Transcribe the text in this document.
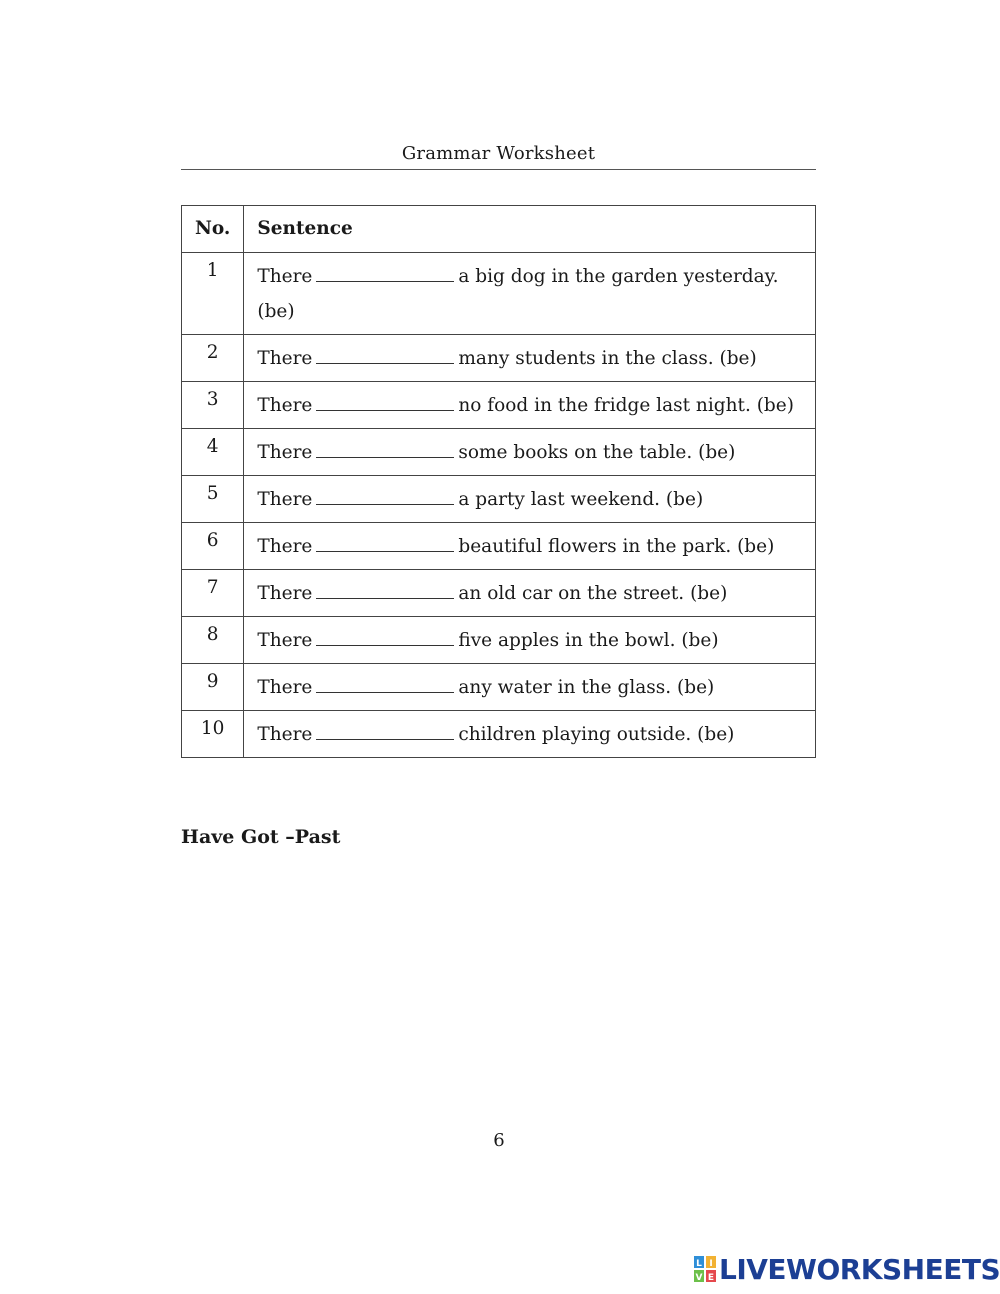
Grammar Worksheet
No.	Sentence
1	There a big dog in the garden yesterday. (be)
2	There many students in the class. (be)
3	There no food in the fridge last night. (be)
4	There some books on the table. (be)
5	There a party last weekend. (be)
6	There beautiful flowers in the park. (be)
7	There an old car on the street. (be)
8	There five apples in the bowl. (be)
9	There any water in the glass. (be)
10	There children playing outside. (be)
Have Got –Past
6
L I
V E LIVEWORKSHEETS
